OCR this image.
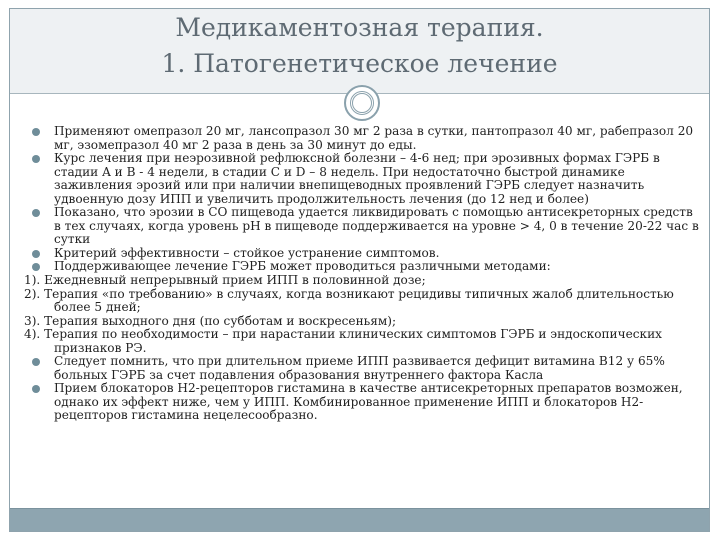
Медикаментозная терапия.
1. Патогенетическое лечение

Применяют омепразол 20 мг, лансопразол 30 мг 2 раза в сутки, пантопразол 40 мг, рабепразол 20 мг, эзомепразол 40 мг 2 раза в день за 30 минут до еды.

Курс лечения при неэрозивной рефлюксной болезни – 4-6 нед; при эрозивных формах ГЭРБ в стадии A и B - 4 недели, в стадии C и D – 8 недель. При недостаточно быстрой динамике заживления эрозий или при наличии внепищеводных проявлений ГЭРБ следует назначить удвоенную дозу ИПП и увеличить продолжительность лечения (до 12 нед и более)

Показано, что эрозии в СО пищевода удается ликвидировать с помощью антисекреторных средств в тех случаях, когда уровень рН в пищеводе поддерживается на уровне > 4, 0 в течение 20-22 час в сутки

Критерий эффективности – стойкое устранение симптомов.

Поддерживающее лечение ГЭРБ может проводиться различными методами:

1). Ежедневный непрерывный прием ИПП в половинной дозе;

2). Терапия «по требованию» в случаях, когда возникают рецидивы типичных жалоб длительностью более 5 дней;

3). Терапия выходного дня (по субботам и воскресеньям);

4). Терапия по необходимости – при нарастании клинических симптомов ГЭРБ и эндоскопических признаков РЭ.

Следует помнить, что при длительном приеме ИПП развивается дефицит витамина B12 у 65% больных ГЭРБ за счет подавления образования внутреннего фактора Касла

Прием блокаторов Н2-рецепторов гистамина в качестве антисекреторных препаратов возможен, однако их эффект ниже, чем у ИПП. Комбинированное применение ИПП и блокаторов Н2-рецепторов гистамина нецелесообразно.
